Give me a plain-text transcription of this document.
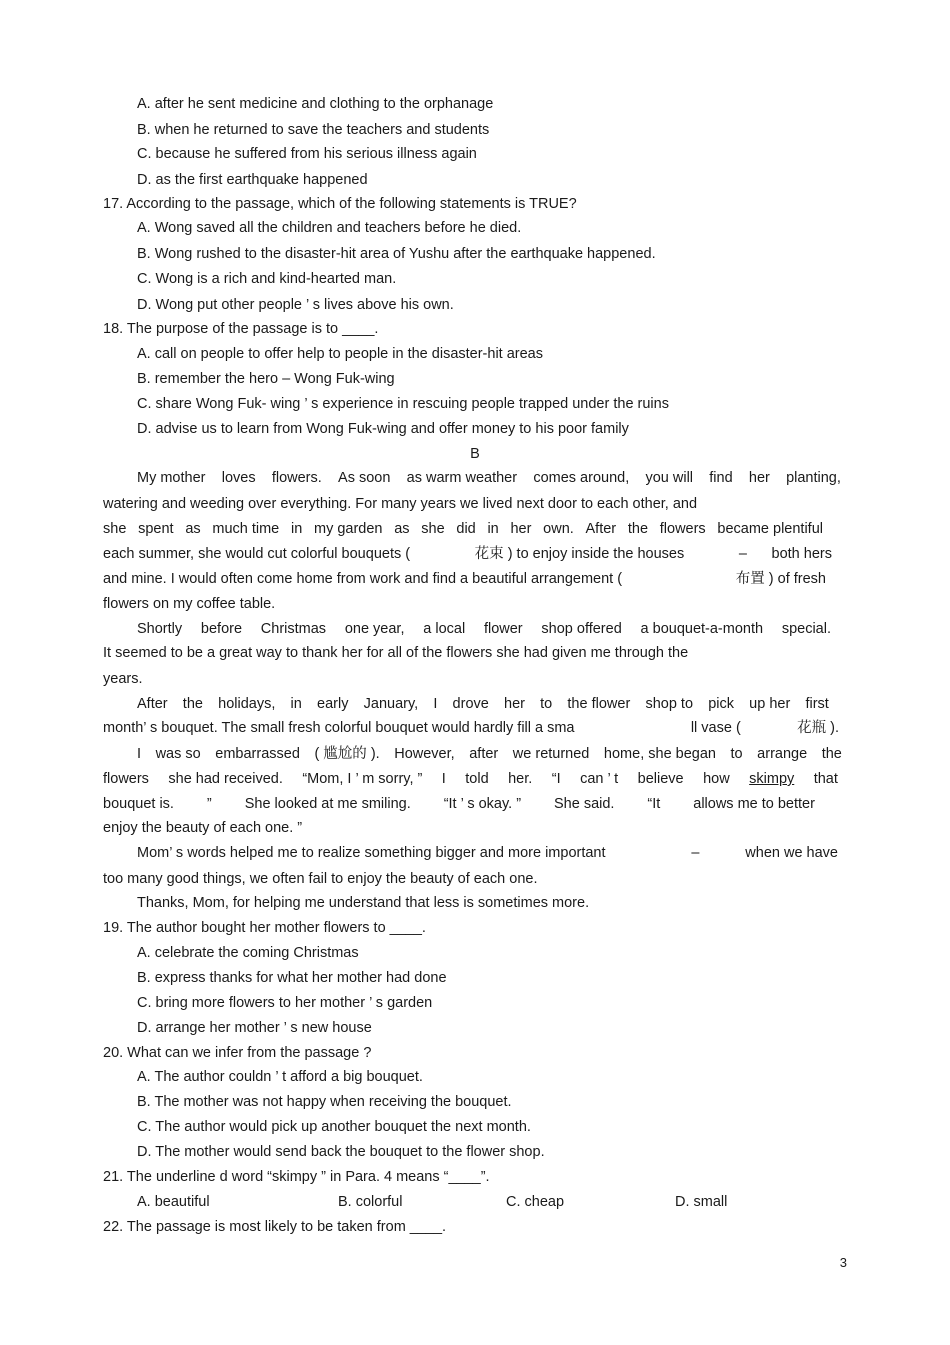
A. after he sent medicine and clothing to the orphanage
B. when he returned to save the teachers and students
C. because he suffered from his serious illness again
D. as the first earthquake happened
17. According to the passage, which of the following statements is TRUE?
A. Wong saved all the children and teachers before he died.
B. Wong rushed to the disaster-hit area of Yushu after the earthquake happened.
C. Wong is a rich and kind-hearted man.
D. Wong put other people ’ s lives above his own.
18. The purpose of the passage is to ____.
A. call on people to offer help to people in the disaster-hit areas
B. remember the hero – Wong Fuk-wing
C. share Wong Fuk- wing ’ s experience in rescuing people trapped under the ruins
D. advise us to learn from Wong Fuk-wing and offer money to his poor family
B
My mother loves flowers. As soon as warm weather comes around, you will find her planting,
watering and weeding over everything. For many years we lived next door to each other, and
she spent as much time in my garden as she did in her own. After the flowers became plentiful
each summer, she would cut colorful bouquets (	花束 ) to enjoy inside the houses	– both hers
and mine. I would often come home from work and find a beautiful arrangement (	布置 ) of fresh
flowers on my coffee table.
Shortly before Christmas one year, a local flower shop offered a bouquet-a-month special.
It seemed to be a great way to thank her for all of the flowers she had given me through the
years.
After the holidays, in early January, I drove her to the flower shop to pick up her first
month’ s bouquet. The small fresh colorful bouquet would hardly fill a sma	ll vase (	花瓶 ).
I was so embarrassed ( 尴尬的 ). However, after we returned home, she began to arrange the
flowers she had received. “Mom, I ’ m sorry, ” I told her. “I can ’ t believe how skimpy that
bouquet is. ” She looked at me smiling. “It ’ s okay. ” She said. “It allows me to better
enjoy the beauty of each one. ”
Mom’ s words helped me to realize something bigger and more important	–	when we have
too many good things, we often fail to enjoy the beauty of each one.
Thanks, Mom, for helping me understand that less is sometimes more.
19. The author bought her mother flowers to ____.
A. celebrate the coming Christmas
B. express thanks for what her mother had done
C. bring more flowers to her mother ’ s garden
D. arrange her mother ’ s new house
20. What can we infer from the passage ?
A. The author couldn ’ t afford a big bouquet.
B. The mother was not happy when receiving the bouquet.
C. The author would pick up another bouquet the next month.
D. The mother would send back the bouquet to the flower shop.
21. The underline d word “skimpy ” in Para. 4 means “____”.
A. beautiful	B. colorful	C. cheap	D. small
22. The passage is most likely to be taken from ____.
3
